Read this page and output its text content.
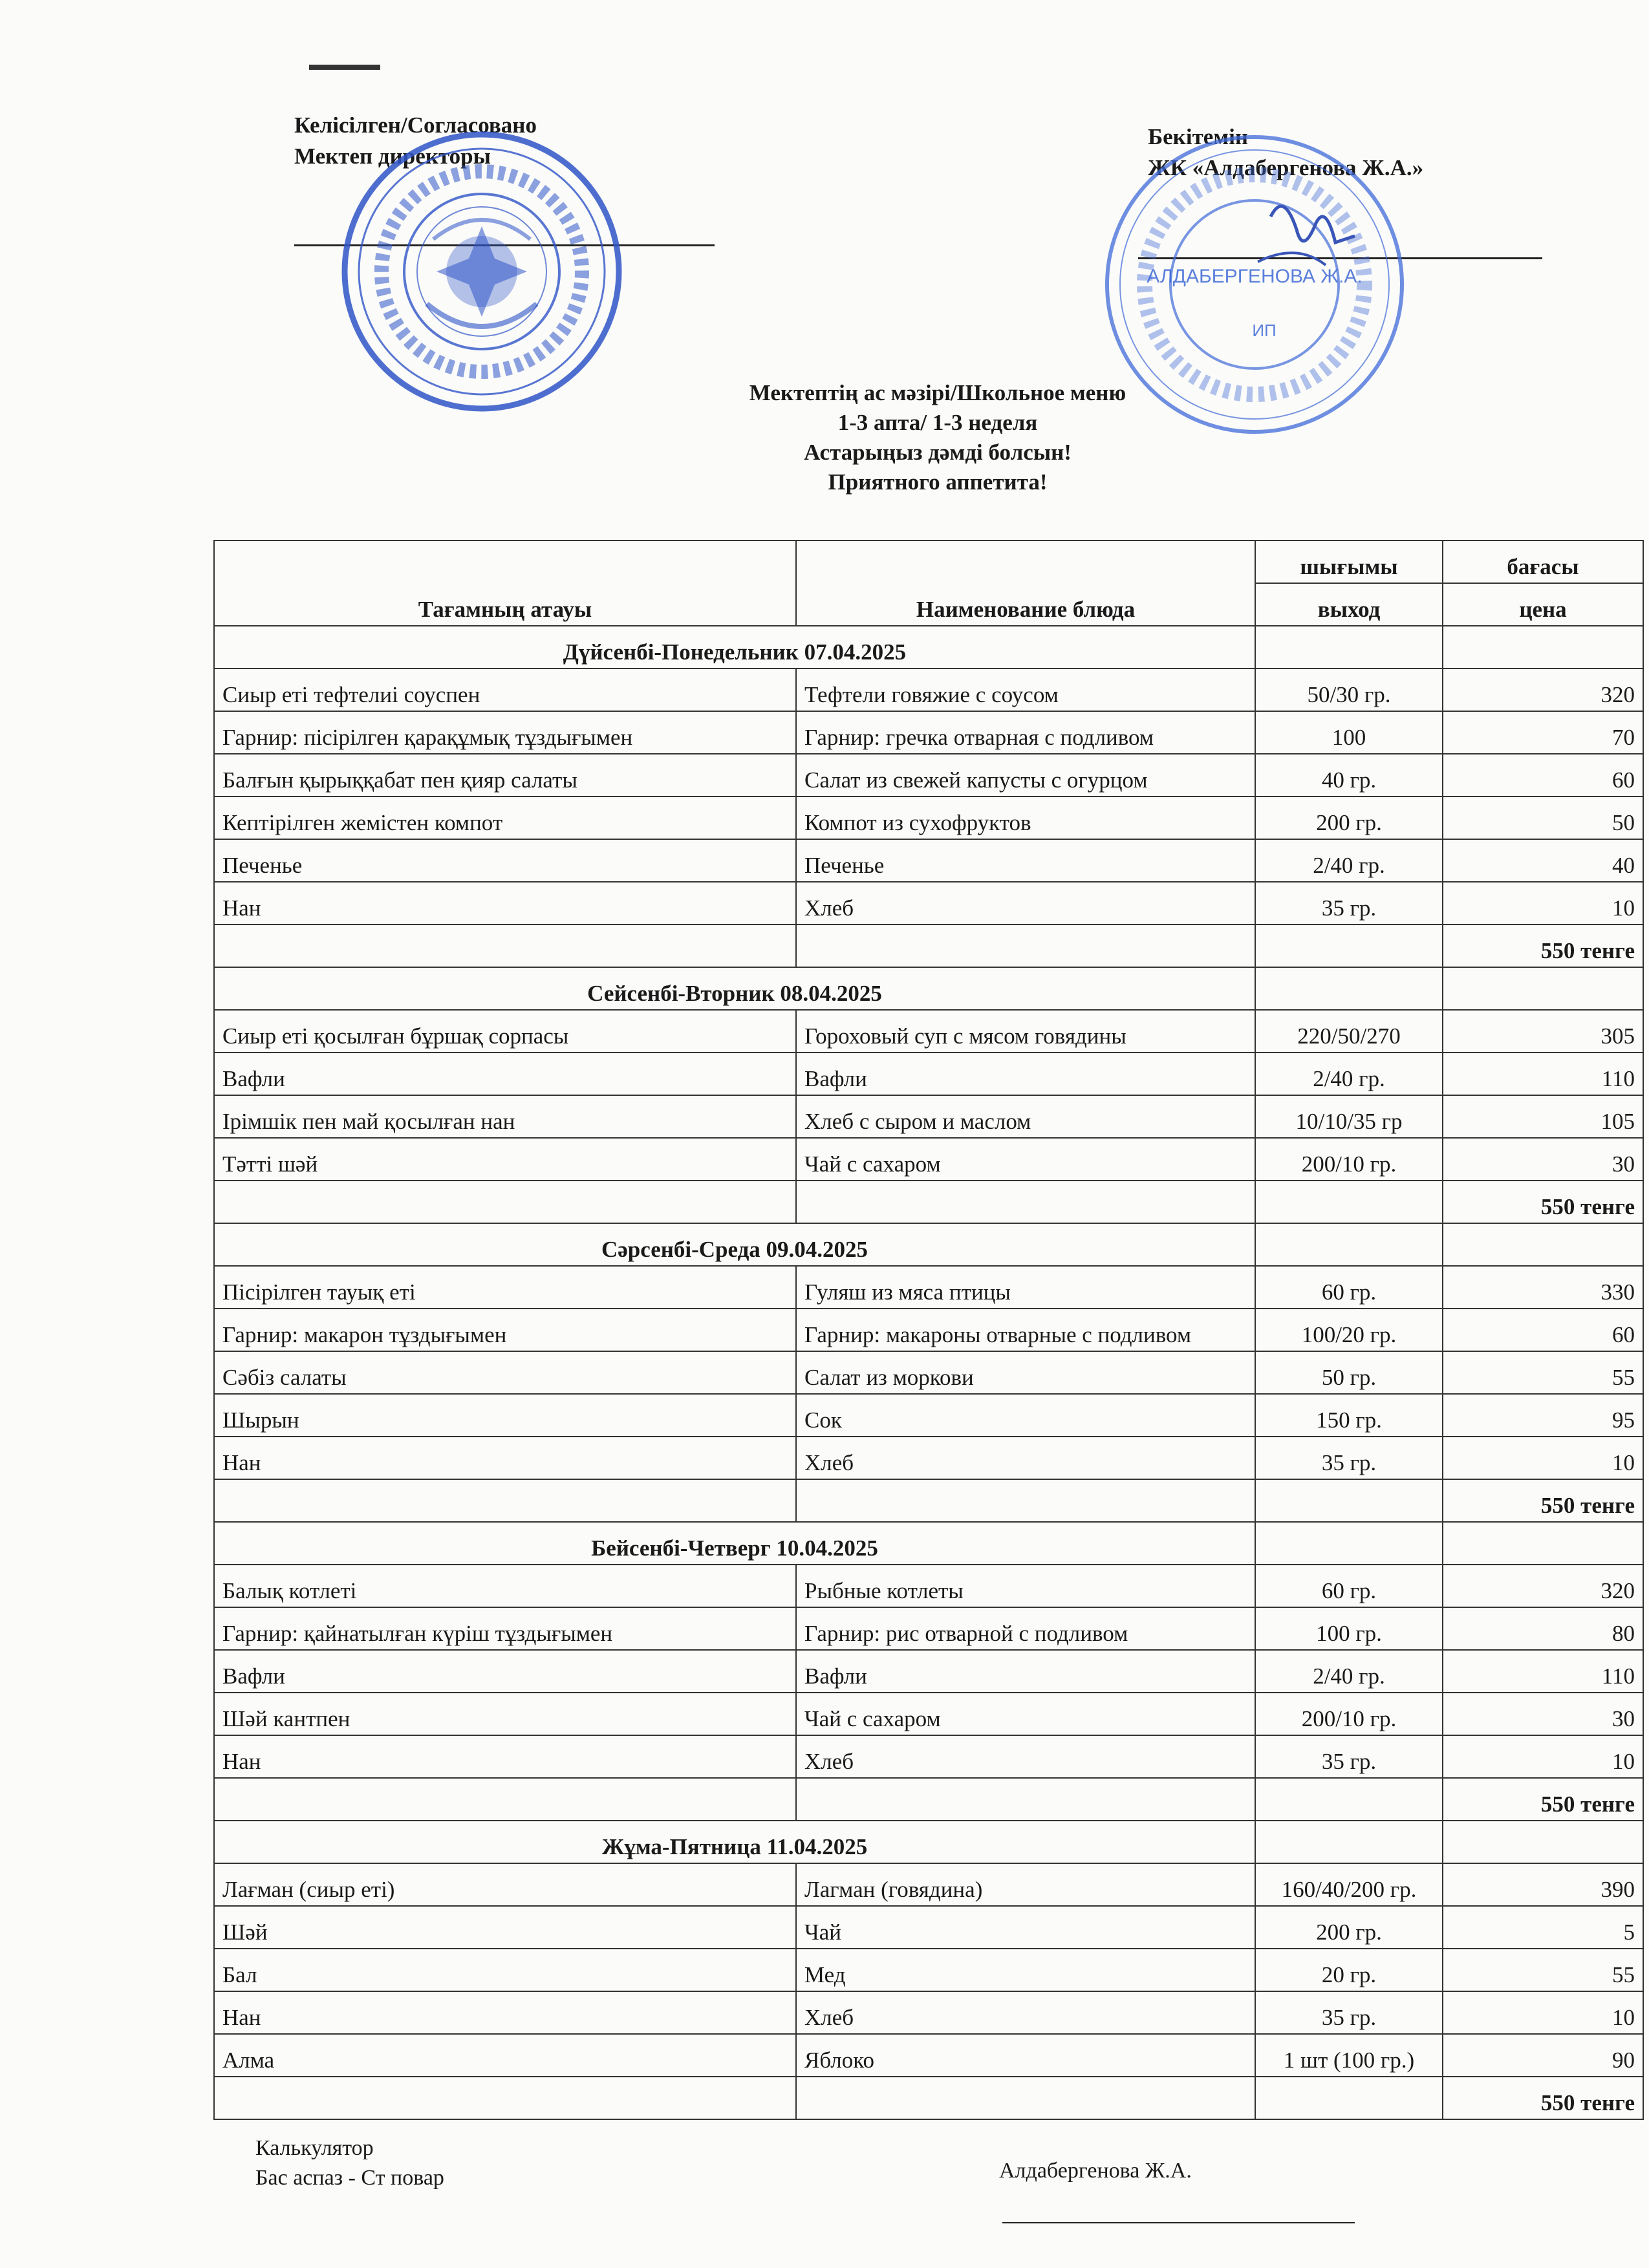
Келісілген/Согласовано
Мектеп директоры
Бекітемін
ЖК «Алдабергенова Ж.А.»
АЛДАБЕРГЕНОВА Ж.А.
ИП
Мектептің ас мәзірі/Школьное меню
1-3 апта/ 1-3 неделя
Астарыңыз дәмді болсын!
Приятного аппетита!
Тағамның атауы	Наименование блюда	шығымы	бағасы
		выход	цена
Дүйсенбі-Понедельник 07.04.2025			
Сиыр еті тефтелиі соуспен	Тефтели говяжие с соусом	50/30 гр.	320
Гарнир: пісірілген қарақұмық тұздығымен	Гарнир: гречка отварная с подливом	100	70
Балғын қырыққабат пен қияр салаты	Салат из свежей капусты с огурцом	40 гр.	60
Кептірілген жемістен компот	Компот из сухофруктов	200 гр.	50
Печенье	Печенье	2/40 гр.	40
Нан	Хлеб	35 гр.	10
			550 тенге
Сейсенбі-Вторник 08.04.2025			
Сиыр еті қосылған бұршақ сорпасы	Гороховый суп с мясом говядины	220/50/270	305
Вафли	Вафли	2/40 гр.	110
Ірімшік пен май қосылған нан	Хлеб с сыром и маслом	10/10/35 гр	105
Тәтті шәй	Чай с сахаром	200/10 гр.	30
			550 тенге
Сәрсенбі-Среда 09.04.2025			
Пісірілген тауық еті	Гуляш из мяса птицы	60 гр.	330
Гарнир: макарон тұздығымен	Гарнир: макароны отварные с подливом	100/20 гр.	60
Сәбіз салаты	Салат из моркови	50 гр.	55
Шырын	Сок	150 гр.	95
Нан	Хлеб	35 гр.	10
			550 тенге
Бейсенбі-Четверг 10.04.2025			
Балық котлеті	Рыбные котлеты	60 гр.	320
Гарнир: қайнатылған күріш тұздығымен	Гарнир: рис отварной с подливом	100 гр.	80
Вафли	Вафли	2/40 гр.	110
Шәй кантпен	Чай с сахаром	200/10 гр.	30
Нан	Хлеб	35 гр.	10
			550 тенге
Жұма-Пятница 11.04.2025			
Лағман (сиыр еті)	Лагман (говядина)	160/40/200 гр.	390
Шәй	Чай	200 гр.	5
Бал	Мед	20 гр.	55
Нан	Хлеб	35 гр.	10
Алма	Яблоко	1 шт (100 гр.)	90
			550 тенге
Калькулятор
Бас аспаз - Ст повар	Алдабергенова Ж.А.
